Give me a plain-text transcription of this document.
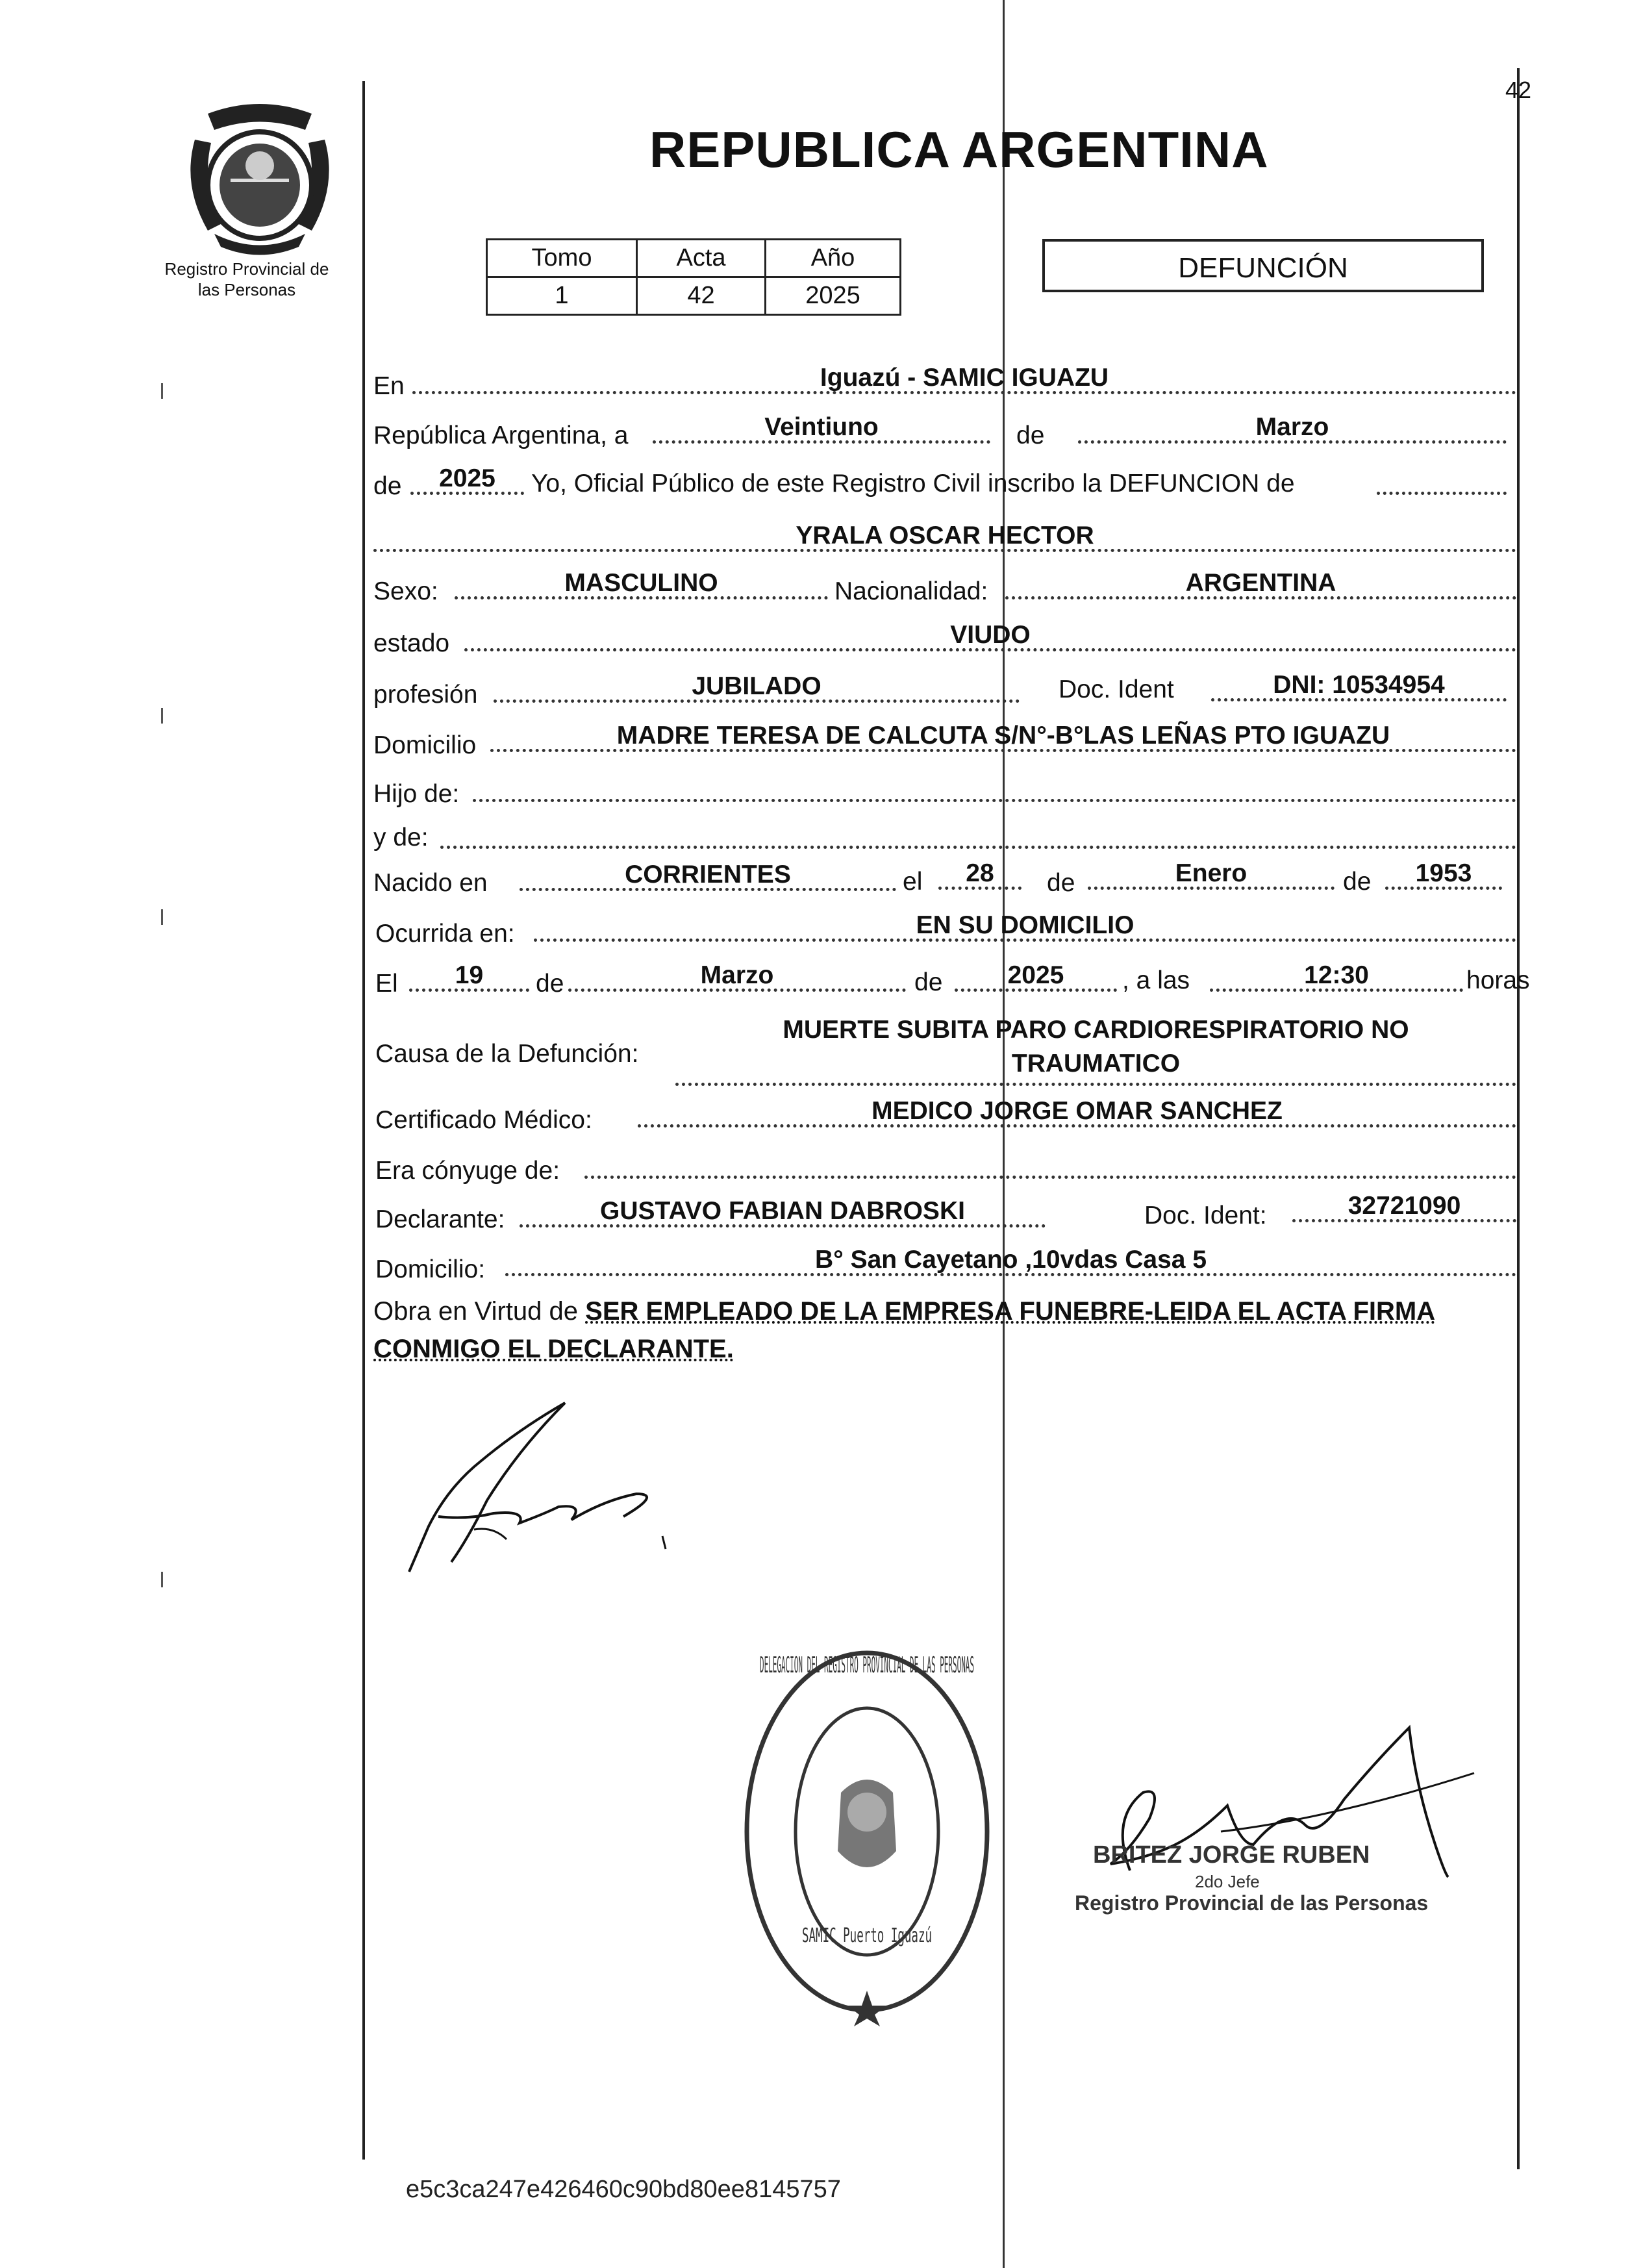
42
Registro Provincial de
las Personas
REPUBLICA ARGENTINA
Tomo	Acta	Año
1	42	2025
DEFUNCIÓN
En	Iguazú - SAMIC IGUAZU
República Argentina, a	Veintiuno	de	Marzo
de	2025	Yo, Oficial Público de este Registro Civil inscribo la DEFUNCION de
YRALA OSCAR HECTOR
Sexo:	MASCULINO	Nacionalidad:	ARGENTINA
estado	VIUDO
profesión	JUBILADO	Doc. Ident	DNI: 10534954
Domicilio	MADRE TERESA DE CALCUTA S/N°-B°LAS LEÑAS PTO IGUAZU
Hijo de:
y de:
Nacido en	CORRIENTES	el	28	de	Enero	de	1953
Ocurrida en:	EN SU DOMICILIO
El	19	de	Marzo	de	2025	, a las	12:30	horas
Causa de la Defunción:
MUERTE SUBITA PARO CARDIORESPIRATORIO NO TRAUMATICO
Certificado Médico:	MEDICO JORGE OMAR SANCHEZ
Era cónyuge de:
Declarante:	GUSTAVO FABIAN DABROSKI	Doc. Ident:	32721090
Domicilio:	B° San Cayetano ,10vdas Casa 5
Obra en Virtud de SER EMPLEADO DE LA EMPRESA FUNEBRE-LEIDA EL ACTA FIRMA CONMIGO EL DECLARANTE.
DELEGACION DEL REGISTRO PROVINCIAL DE LAS PERSONAS
SAMIC Puerto Iguazú
BRITEZ JORGE RUBEN
2do Jefe
Registro Provincial de las Personas
e5c3ca247e426460c90bd80ee8145757
